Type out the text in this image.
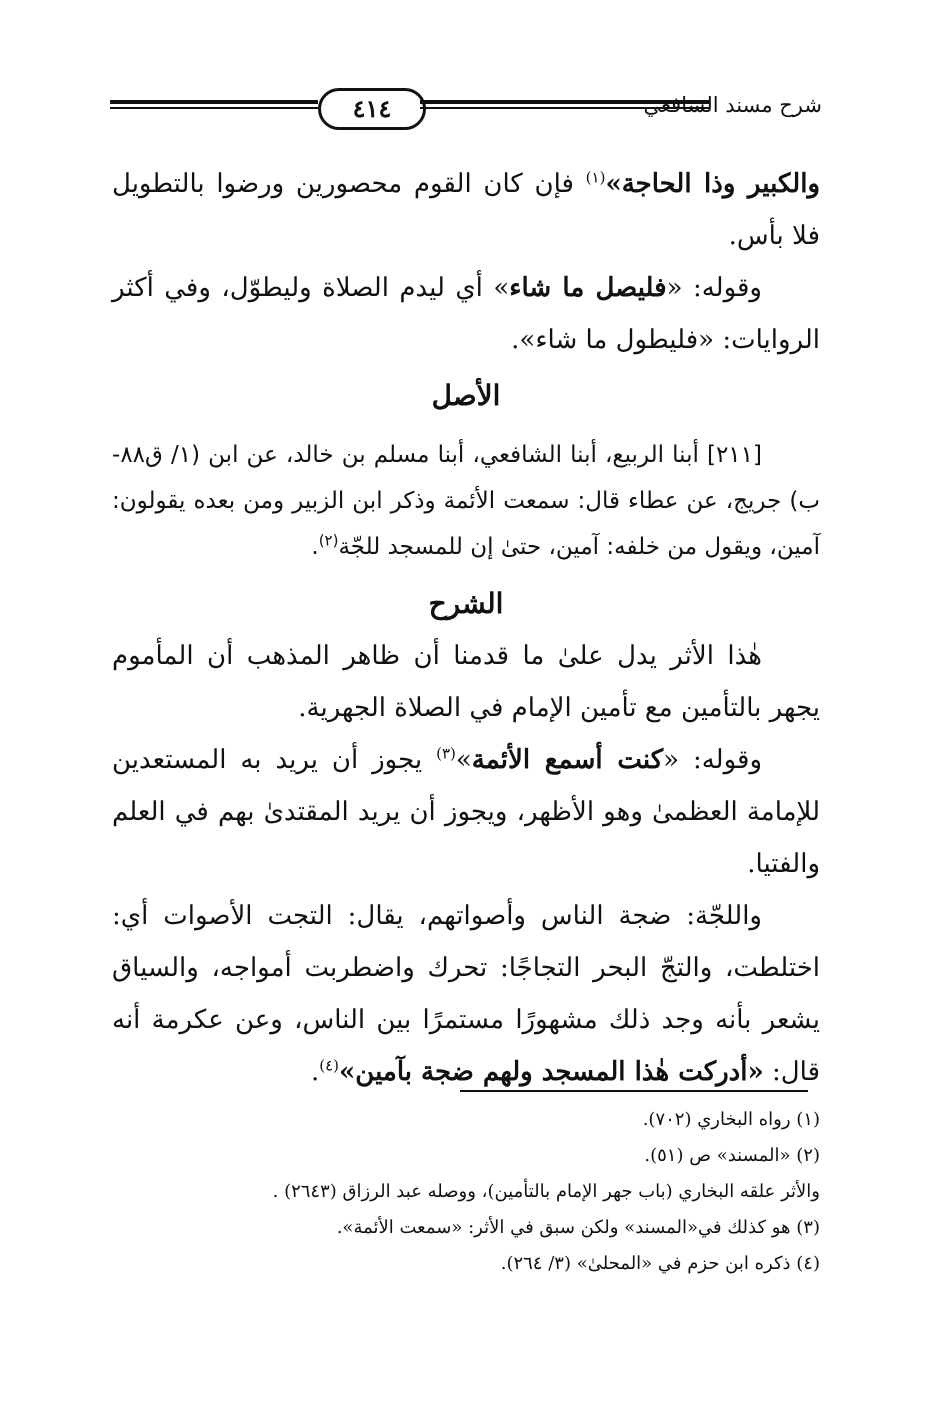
٤١٤	شرح مسند الشافعي

والكبير وذا الحاجة»$^{(١)}$ فإن كان القوم محصورين ورضوا بالتطويل فلا بأس.

وقوله: «فليصل ما شاء» أي ليدم الصلاة وليطوّل، وفي أكثر الروايات: «فليطول ما شاء».

الأصل

[٢١١] أبنا الربيع، أبنا الشافعي، أبنا مسلم بن خالد، عن ابن (١/ ق٨٨-ب) جريج، عن عطاء قال: سمعت الأئمة وذكر ابن الزبير ومن بعده يقولون: آمين، ويقول من خلفه: آمين، حتىٰ إن للمسجد للجّة$^{(٢)}$.

الشرح

هٰذا الأثر يدل علىٰ ما قدمنا أن ظاهر المذهب أن المأموم يجهر بالتأمين مع تأمين الإمام في الصلاة الجهرية.

وقوله: «كنت أسمع الأئمة»$^{(٣)}$ يجوز أن يريد به المستعدين للإمامة العظمىٰ وهو الأظهر، ويجوز أن يريد المقتدىٰ بهم في العلم والفتيا.

واللجّة: ضجة الناس وأصواتهم، يقال: التجت الأصوات أي: اختلطت، والتجّ البحر التجاجًا: تحرك واضطربت أمواجه، والسياق يشعر بأنه وجد ذلك مشهورًا مستمرًا بين الناس، وعن عكرمة أنه قال: «أدركت هٰذا المسجد ولهم ضجة بآمين»$^{(٤)}$.

(١) رواه البخاري (٧٠٢).

(٢) «المسند» ص (٥١).

والأثر علقه البخاري (باب جهر الإمام بالتأمين)، ووصله عبد الرزاق (٢٦٤٣) .

(٣) هو كذلك في«المسند» ولكن سبق في الأثر: «سمعت الأئمة».

(٤) ذكره ابن حزم في «المحلىٰ» (٣/ ٢٦٤).
